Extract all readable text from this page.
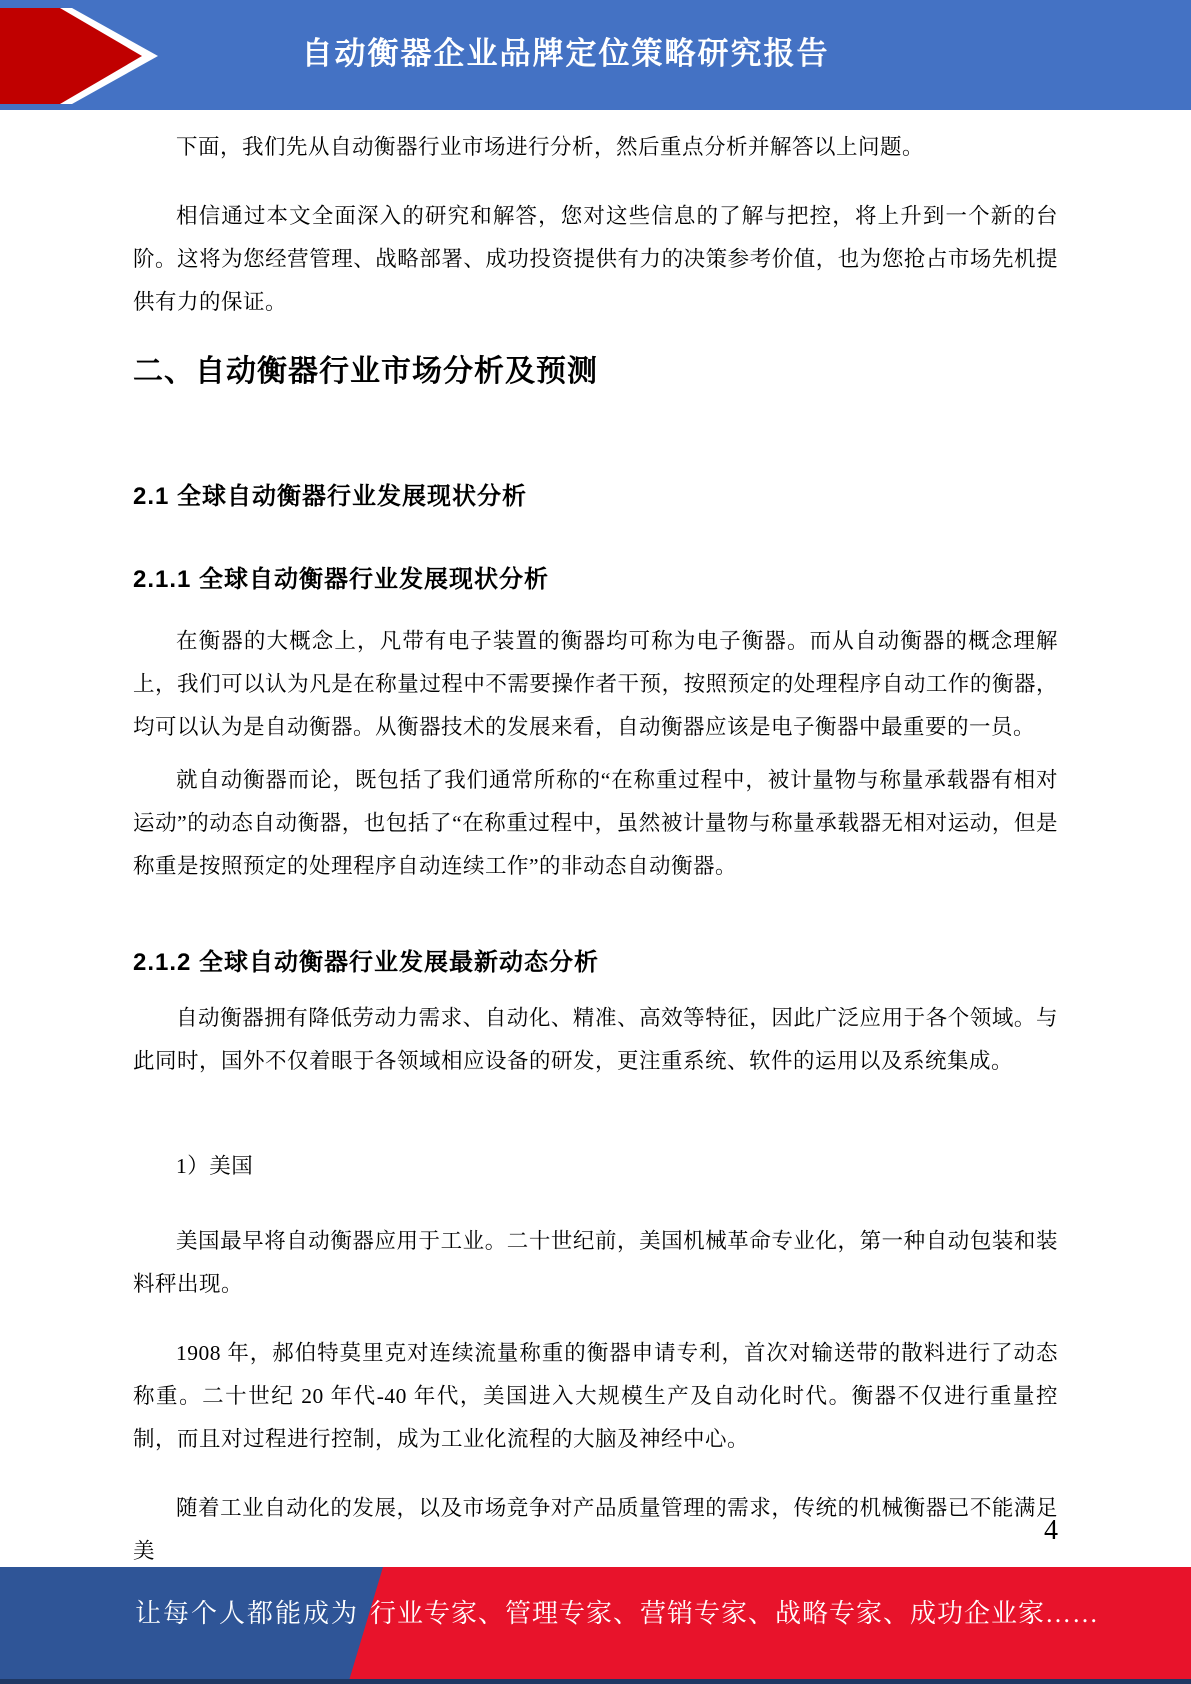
自动衡器企业品牌定位策略研究报告

下面，我们先从自动衡器行业市场进行分析，然后重点分析并解答以上问题。

相信通过本文全面深入的研究和解答，您对这些信息的了解与把控，将上升到一个新的台阶。这将为您经营管理、战略部署、成功投资提供有力的决策参考价值，也为您抢占市场先机提供有力的保证。

二、自动衡器行业市场分析及预测
2.1 全球自动衡器行业发展现状分析
2.1.1 全球自动衡器行业发展现状分析

在衡器的大概念上，凡带有电子装置的衡器均可称为电子衡器。而从自动衡器的概念理解上，我们可以认为凡是在称量过程中不需要操作者干预，按照预定的处理程序自动工作的衡器，均可以认为是自动衡器。从衡器技术的发展来看，自动衡器应该是电子衡器中最重要的一员。

就自动衡器而论，既包括了我们通常所称的“在称重过程中，被计量物与称量承载器有相对运动”的动态自动衡器，也包括了“在称重过程中，虽然被计量物与称量承载器无相对运动，但是称重是按照预定的处理程序自动连续工作”的非动态自动衡器。

2.1.2 全球自动衡器行业发展最新动态分析

自动衡器拥有降低劳动力需求、自动化、精准、高效等特征，因此广泛应用于各个领域。与此同时，国外不仅着眼于各领域相应设备的研发，更注重系统、软件的运用以及系统集成。

1）美国

美国最早将自动衡器应用于工业。二十世纪前，美国机械革命专业化，第一种自动包装和装料秤出现。

1908 年，郝伯特莫里克对连续流量称重的衡器申请专利，首次对输送带的散料进行了动态称重。二十世纪 20 年代-40 年代，美国进入大规模生产及自动化时代。衡器不仅进行重量控制，而且对过程进行控制，成为工业化流程的大脑及神经中心。

随着工业自动化的发展，以及市场竞争对产品质量管理的需求，传统的机械衡器已不能满足美

4
让每个人都能成为 行业专家、管理专家、营销专家、战略专家、成功企业家……
